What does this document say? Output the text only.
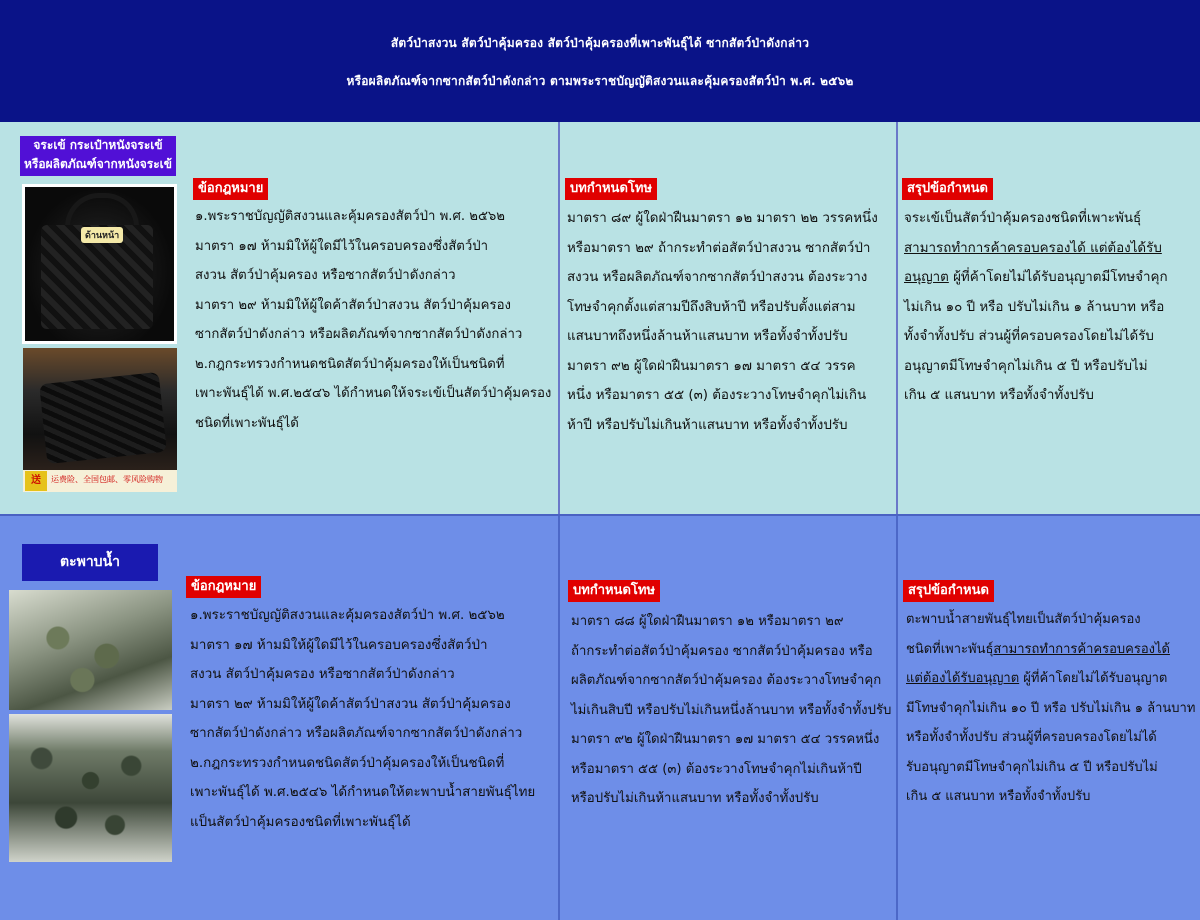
สัตว์ป่าสงวน สัตว์ป่าคุ้มครอง สัตว์ป่าคุ้มครองที่เพาะพันธุ์ได้ ซากสัตว์ป่าดังกล่าว
หรือผลิตภัณฑ์จากซากสัตว์ป่าดังกล่าว ตามพระราชบัญญัติสงวนและคุ้มครองสัตว์ป่า พ.ศ. ๒๕๖๒
จระเข้ กระเป๋าหนังจระเข้
หรือผลิตภัณฑ์จากหนังจระเข้
ด้านหน้า
送	运费险、全国包邮、零风险购物
ข้อกฎหมาย

๑.พระราชบัญญัติสงวนและคุ้มครองสัตว์ป่า พ.ศ. ๒๕๖๒

มาตรา ๑๗ ห้ามมิให้ผู้ใดมีไว้ในครอบครองซึ่งสัตว์ป่า

สงวน สัตว์ป่าคุ้มครอง หรือซากสัตว์ป่าดังกล่าว

มาตรา ๒๙ ห้ามมิให้ผู้ใดค้าสัตว์ป่าสงวน สัตว์ป่าคุ้มครอง

ซากสัตว์ป่าดังกล่าว หรือผลิตภัณฑ์จากซากสัตว์ป่าดังกล่าว

๒.กฎกระทรวงกำหนดชนิดสัตว์ป่าคุ้มครองให้เป็นชนิดที่

เพาะพันธุ์ได้ พ.ศ.๒๕๔๖ ได้กำหนดให้จระเข้เป็นสัตว์ป่าคุ้มครอง

ชนิดที่เพาะพันธุ์ได้

บทกำหนดโทษ

มาตรา ๘๙ ผู้ใดฝ่าฝืนมาตรา ๑๒ มาตรา ๒๒ วรรคหนึ่ง

หรือมาตรา ๒๙ ถ้ากระทำต่อสัตว์ป่าสงวน ซากสัตว์ป่า

สงวน หรือผลิตภัณฑ์จากซากสัตว์ป่าสงวน ต้องระวาง

โทษจำคุกตั้งแต่สามปีถึงสิบห้าปี หรือปรับตั้งแต่สาม

แสนบาทถึงหนึ่งล้านห้าแสนบาท หรือทั้งจำทั้งปรับ

มาตรา ๙๒ ผู้ใดฝ่าฝืนมาตรา ๑๗ มาตรา ๕๔ วรรค

หนึ่ง หรือมาตรา ๕๕ (๓) ต้องระวางโทษจำคุกไม่เกิน

ห้าปี หรือปรับไม่เกินห้าแสนบาท หรือทั้งจำทั้งปรับ

สรุปข้อกำหนด

จระเข้เป็นสัตว์ป่าคุ้มครองชนิดที่เพาะพันธุ์

สามารถทำการค้าครอบครองได้ แต่ต้องได้รับ

อนุญาต ผู้ที่ค้าโดยไม่ได้รับอนุญาตมีโทษจำคุก

ไม่เกิน ๑๐ ปี หรือ ปรับไม่เกิน ๑ ล้านบาท หรือ

ทั้งจำทั้งปรับ ส่วนผู้ที่ครอบครองโดยไม่ได้รับ

อนุญาตมีโทษจำคุกไม่เกิน ๕ ปี หรือปรับไม่

เกิน ๕ แสนบาท หรือทั้งจำทั้งปรับ

ตะพาบน้ำ
ข้อกฎหมาย

๑.พระราชบัญญัติสงวนและคุ้มครองสัตว์ป่า พ.ศ. ๒๕๖๒

มาตรา ๑๗ ห้ามมิให้ผู้ใดมีไว้ในครอบครองซึ่งสัตว์ป่า

สงวน สัตว์ป่าคุ้มครอง หรือซากสัตว์ป่าดังกล่าว

มาตรา ๒๙ ห้ามมิให้ผู้ใดค้าสัตว์ป่าสงวน สัตว์ป่าคุ้มครอง

ซากสัตว์ป่าดังกล่าว หรือผลิตภัณฑ์จากซากสัตว์ป่าดังกล่าว

๒.กฎกระทรวงกำหนดชนิดสัตว์ป่าคุ้มครองให้เป็นชนิดที่

เพาะพันธุ์ได้ พ.ศ.๒๕๔๖ ได้กำหนดให้ตะพาบน้ำสายพันธุ์ไทย

แป็นสัตว์ป่าคุ้มครองชนิดที่เพาะพันธุ์ได้

บทกำหนดโทษ

มาตรา ๘๘ ผู้ใดฝ่าฝืนมาตรา ๑๒ หรือมาตรา ๒๙

ถ้ากระทำต่อสัตว์ป่าคุ้มครอง ซากสัตว์ป่าคุ้มครอง หรือ

ผลิตภัณฑ์จากซากสัตว์ป่าคุ้มครอง ต้องระวางโทษจำคุก

ไม่เกินสิบปี หรือปรับไม่เกินหนึ่งล้านบาท หรือทั้งจำทั้งปรับ

มาตรา ๙๒ ผู้ใดฝ่าฝืนมาตรา ๑๗ มาตรา ๕๔ วรรคหนึ่ง

หรือมาตรา ๕๕ (๓) ต้องระวางโทษจำคุกไม่เกินห้าปี

หรือปรับไม่เกินห้าแสนบาท หรือทั้งจำทั้งปรับ

สรุปข้อกำหนด

ตะพาบน้ำสายพันธุ์ไทยเป็นสัตว์ป่าคุ้มครอง

ชนิดที่เพาะพันธุ์สามารถทำการค้าครอบครองได้

แต่ต้องได้รับอนุญาต ผู้ที่ค้าโดยไม่ได้รับอนุญาต

มีโทษจำคุกไม่เกิน ๑๐ ปี หรือ ปรับไม่เกิน ๑ ล้านบาท

หรือทั้งจำทั้งปรับ ส่วนผู้ที่ครอบครองโดยไม่ได้

รับอนุญาตมีโทษจำคุกไม่เกิน ๕ ปี หรือปรับไม่

เกิน ๕ แสนบาท หรือทั้งจำทั้งปรับ
